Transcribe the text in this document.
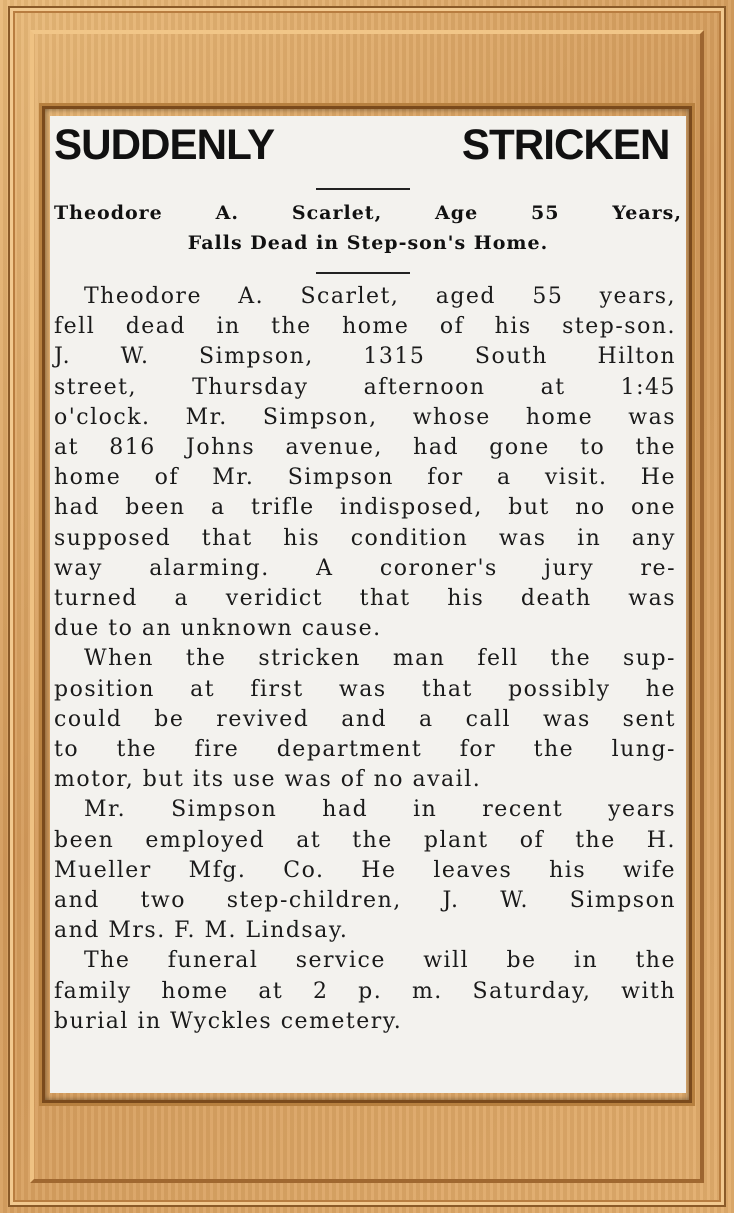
SUDDENLY	STRICKEN
Theodore A. Scarlet, Age 55 Years,
Falls Dead in Step-son's Home.
Theodore A. Scarlet, aged 55 years,
fell dead in the home of his step-son.
J. W. Simpson, 1315 South Hilton
street, Thursday afternoon at 1:45
o'clock. Mr. Simpson, whose home was
at 816 Johns avenue, had gone to the
home of Mr. Simpson for a visit. He
had been a trifle indisposed, but no one
supposed that his condition was in any
way alarming. A coroner's jury re-
turned a veridict that his death was
due to an unknown cause.
When the stricken man fell the sup-
position at first was that possibly he
could be revived and a call was sent
to the fire department for the lung-
motor, but its use was of no avail.
Mr. Simpson had in recent years
been employed at the plant of the H.
Mueller Mfg. Co. He leaves his wife
and two step-children, J. W. Simpson
and Mrs. F. M. Lindsay.
The funeral service will be in the
family home at 2 p. m. Saturday, with
burial in Wyckles cemetery.
